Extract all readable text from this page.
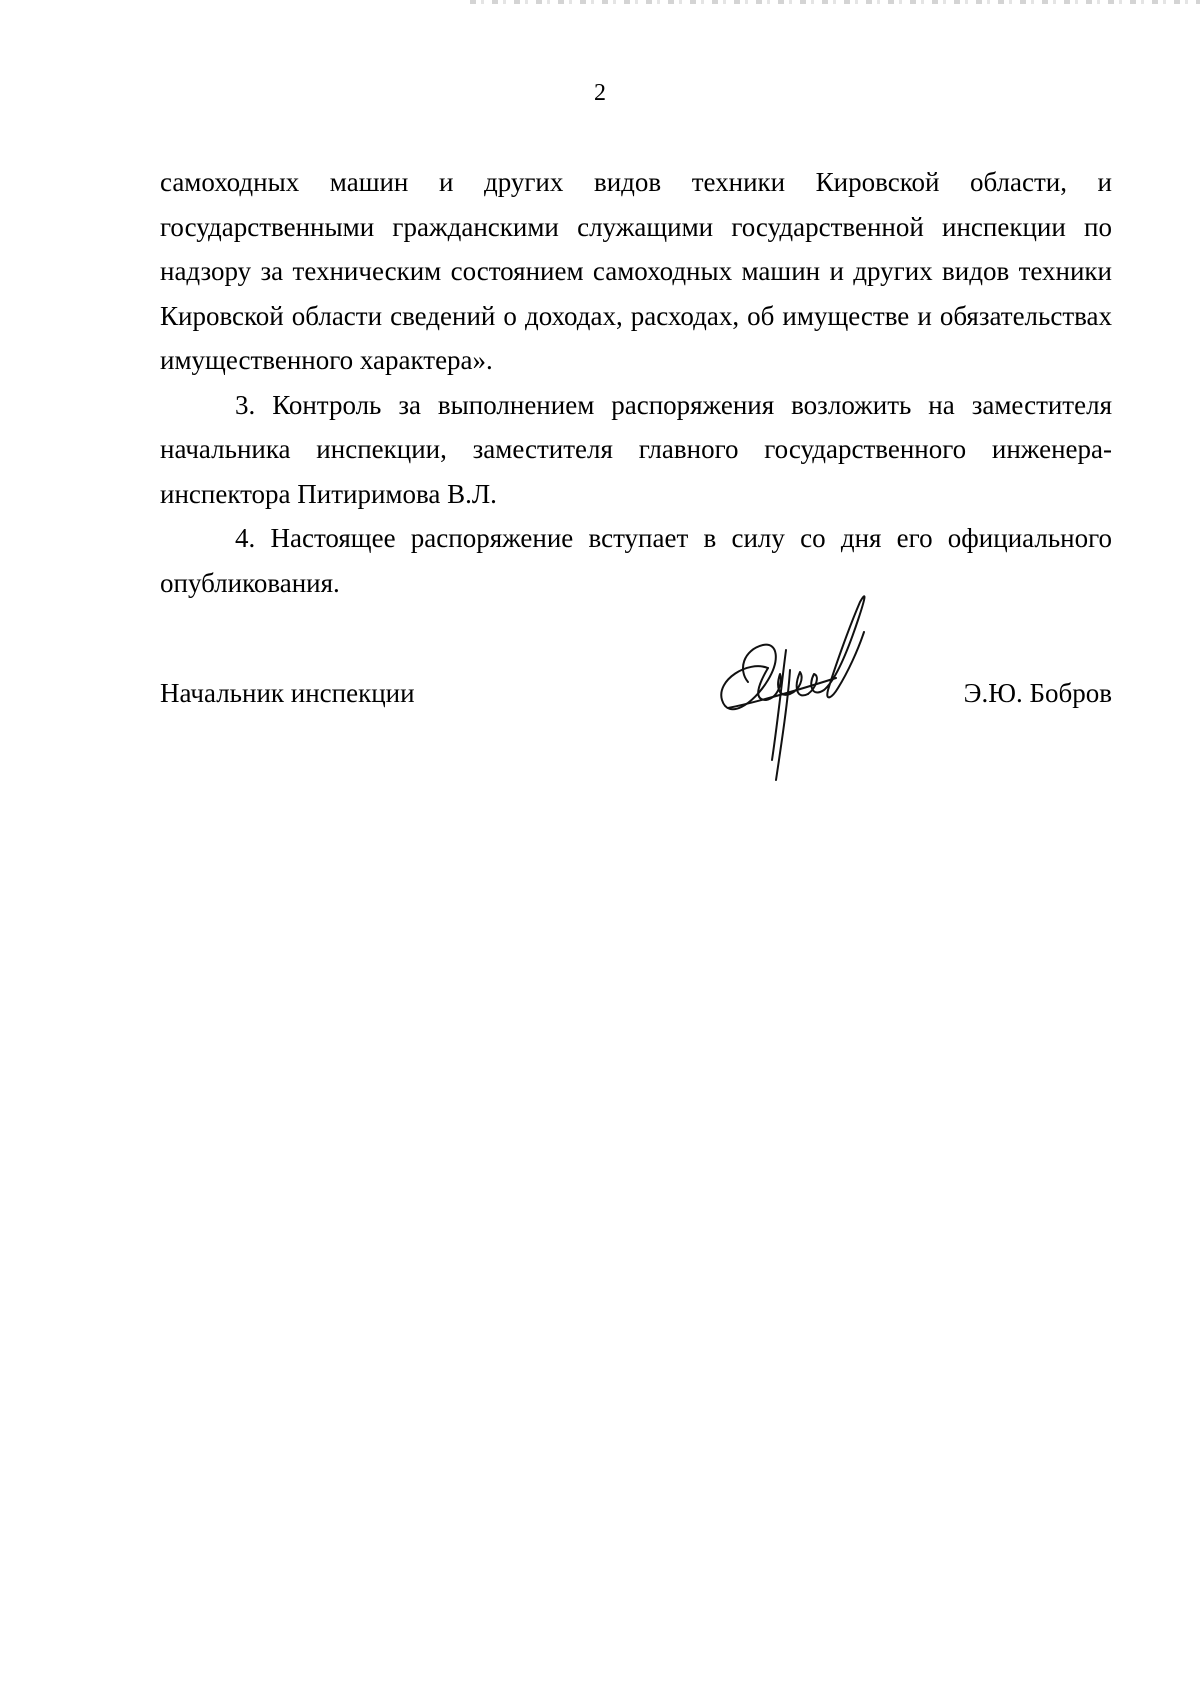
2

самоходных машин и других видов техники Кировской области, и государственными гражданскими служащими государственной инспекции по надзору за техническим состоянием самоходных машин и других видов техники Кировской области сведений о доходах, расходах, об имуществе и обязательствах имущественного характера».

3. Контроль за выполнением распоряжения возложить на заместителя начальника инспекции, заместителя главного государственного инженера-инспектора Питиримова В.Л.

4. Настоящее распоряжение вступает в силу со дня его официального опубликования.

Начальник инспекции	Э.Ю. Бобров
